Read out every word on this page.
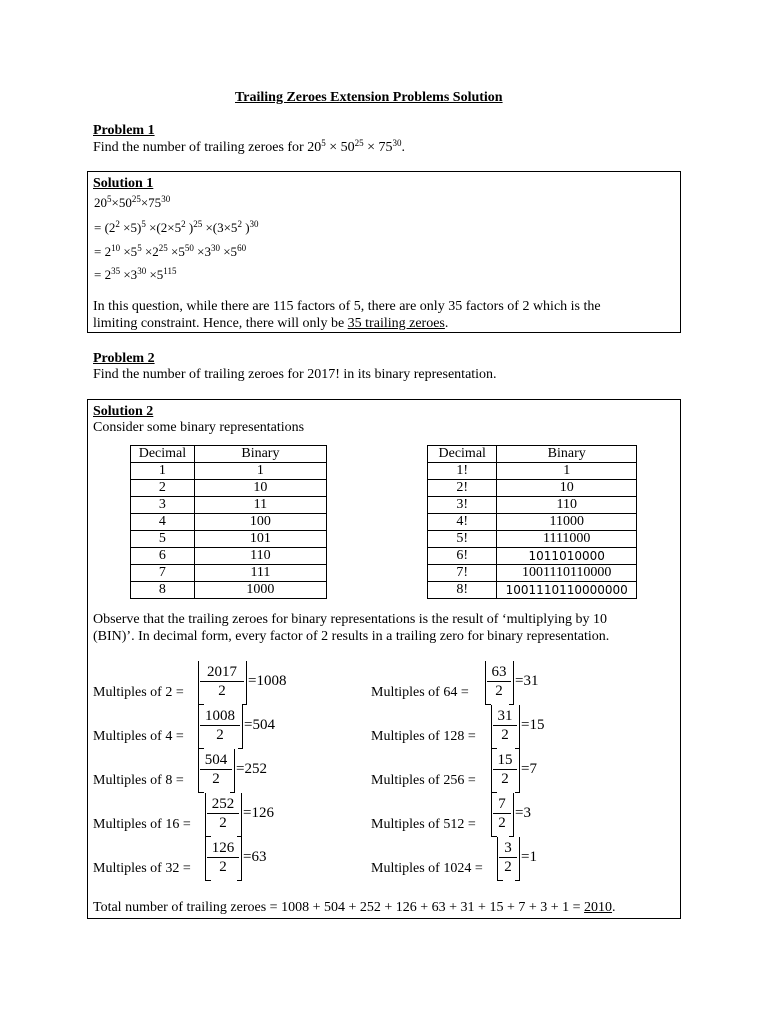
Trailing Zeroes Extension Problems Solution
Problem 1
Find the number of trailing zeroes for $20^5 \times 50^{25} \times 75^{30}$.
Solution 1
$20^5\times 50^{25}\times 75^{30}$
= $(2^2 \times 5)^5 \times(2\times 5^2$ )$^{25} \times(3\times 5^2$ )$^{30}$
= $2^{10} \times 5^5 \times 2^{25} \times 5^{50} \times 3^{30} \times 5^{60}$
= $2^{35} \times 3^{30} \times 5^{115}$
In this question, while there are 115 factors of 5, there are only 35 factors of 2 which is the
limiting constraint. Hence, there will only be 35 trailing zeroes.
Problem 2
Find the number of trailing zeroes for 2017! in its binary representation.
Solution 2
Consider some binary representations
Decimal	Binary
1	1
2	10
3	11
4	100
5	101
6	110
7	111
8	1000
Decimal	Binary
1!	1
2!	10
3!	110
4!	11000
5!	1111000
6!	1011010000
7!	1001110110000
8!	1001110110000000
Observe that the trailing zeroes for binary representations is the result of ‘multiplying by 10
(BIN)’. In decimal form, every factor of 2 results in a trailing zero for binary representation.
Multiples of $2 = \frac{2017}{2} =1008$
Multiples of $4 = \frac{1008}{2} =504$
Multiples of $8 = \frac{504}{2} =252$
Multiples of $16 = \frac{252}{2} =126$
Multiples of $32 = \frac{126}{2} =63$
Multiples of $64 = \frac{63}{2} =31$
Multiples of $128 = \frac{31}{2} =15$
Multiples of $256 = \frac{15}{2} =7$
Multiples of $512 = \frac{7}{2} =3$
Multiples of $1024 = \frac{3}{2} =1$
Total number of trailing zeroes = 1008 + 504 + 252 + 126 + 63 + 31 + 15 + 7 + 3 + 1 = 2010.
